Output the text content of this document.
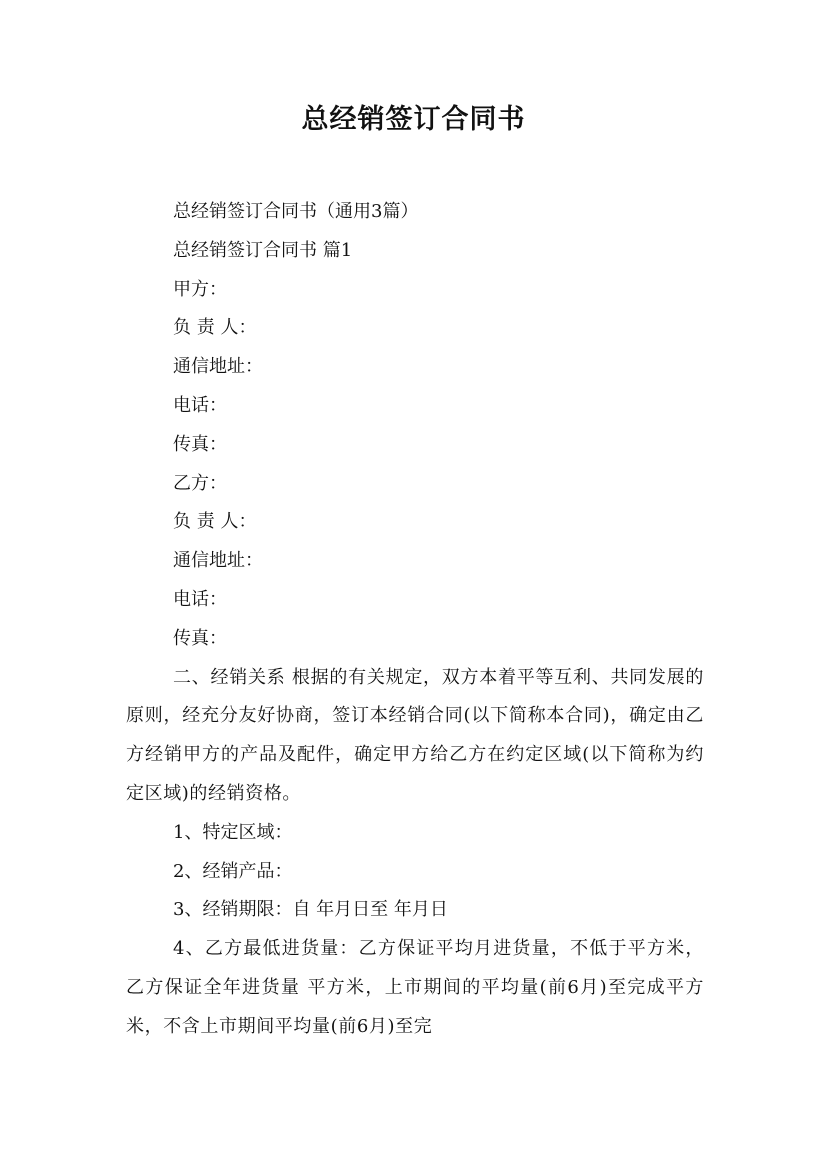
总经销签订合同书

总经销签订合同书（通用3篇）

总经销签订合同书 篇1

甲方：

负 责 人：

通信地址：

电话：

传真：

乙方：

负 责 人：

通信地址：

电话：

传真：

二、经销关系 根据的有关规定，双方本着平等互利、共同发展的原则，经充分友好协商，签订本经销合同(以下简称本合同)，确定由乙方经销甲方的产品及配件，确定甲方给乙方在约定区域(以下简称为约定区域)的经销资格。

1、特定区域：

2、经销产品：

3、经销期限：自 年月日至 年月日

4、乙方最低进货量：乙方保证平均月进货量，不低于平方米，乙方保证全年进货量 平方米，上市期间的平均量(前6月)至完成平方米，不含上市期间平均量(前6月)至完
